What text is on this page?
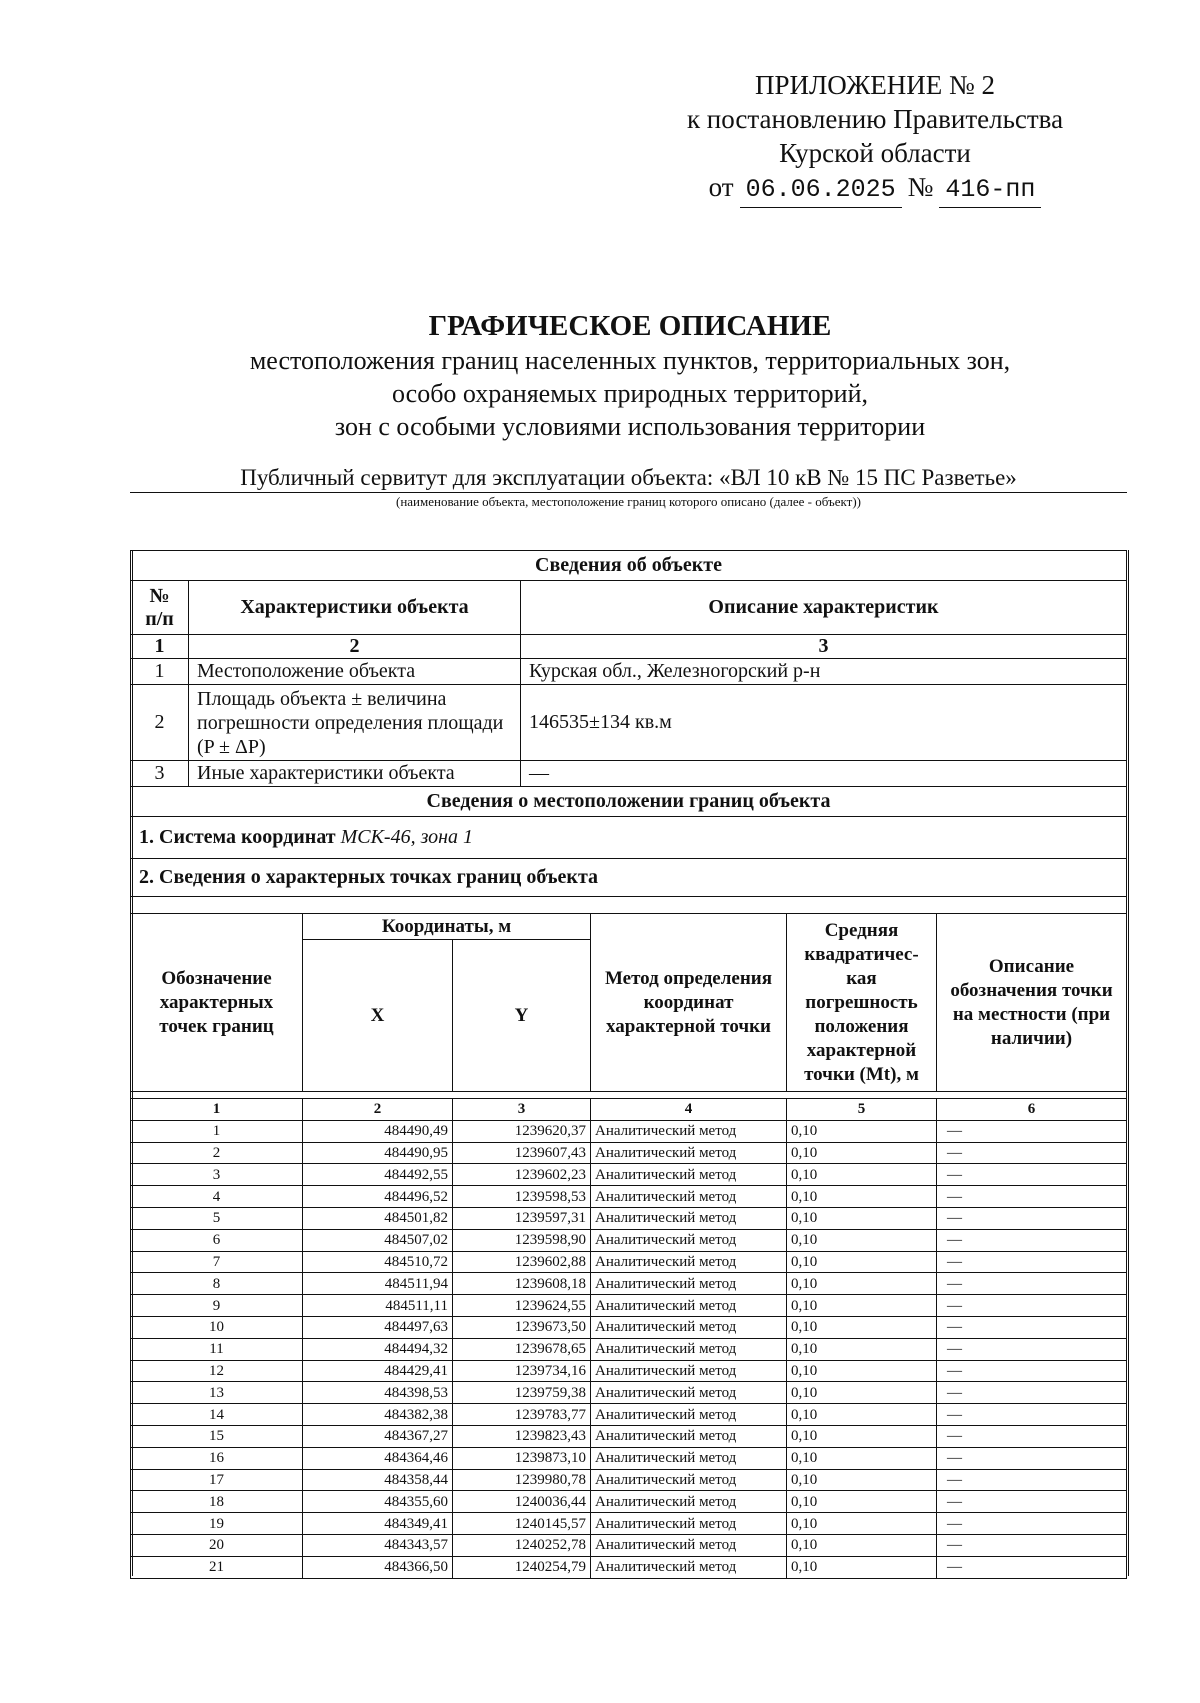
ПРИЛОЖЕНИЕ № 2
к постановлению Правительства
Курской области
от 06.06.2025 № 416-пп
ГРАФИЧЕСКОЕ ОПИСАНИЕ
местоположения границ населенных пунктов, территориальных зон,
особо охраняемых природных территорий,
зон с особыми условиями использования территории
Публичный сервитут для эксплуатации объекта: «ВЛ 10 кВ № 15 ПС Разветье»
(наименование объекта, местоположение границ которого описано (далее - объект))
Сведения об объекте		
№ п/п	Характеристики объекта	Описание характеристик
1	2	3
1	Местоположение объекта	Курская обл., Железногорский р-н
2	Площадь объекта ± величина погрешности определения площади (P ± ΔP)	146535±134 кв.м
3	Иные характеристики объекта	—
Сведения о местоположении границ объекта		
1. Система координат МСК-46, зона 1		
2. Сведения о характерных точках границ объекта		
Обозначение характерных точек границ	Координаты, м		Метод определения координат характерной точки	Средняя квадратичес-кая погрешность положения характерной точки (Mt), м	Описание обозначения точки на местности (при наличии)
	X	Y			
1	2	3	4	5	6
1	484490,49	1239620,37	Аналитический метод	0,10	—
2	484490,95	1239607,43	Аналитический метод	0,10	—
3	484492,55	1239602,23	Аналитический метод	0,10	—
4	484496,52	1239598,53	Аналитический метод	0,10	—
5	484501,82	1239597,31	Аналитический метод	0,10	—
6	484507,02	1239598,90	Аналитический метод	0,10	—
7	484510,72	1239602,88	Аналитический метод	0,10	—
8	484511,94	1239608,18	Аналитический метод	0,10	—
9	484511,11	1239624,55	Аналитический метод	0,10	—
10	484497,63	1239673,50	Аналитический метод	0,10	—
11	484494,32	1239678,65	Аналитический метод	0,10	—
12	484429,41	1239734,16	Аналитический метод	0,10	—
13	484398,53	1239759,38	Аналитический метод	0,10	—
14	484382,38	1239783,77	Аналитический метод	0,10	—
15	484367,27	1239823,43	Аналитический метод	0,10	—
16	484364,46	1239873,10	Аналитический метод	0,10	—
17	484358,44	1239980,78	Аналитический метод	0,10	—
18	484355,60	1240036,44	Аналитический метод	0,10	—
19	484349,41	1240145,57	Аналитический метод	0,10	—
20	484343,57	1240252,78	Аналитический метод	0,10	—
21	484366,50	1240254,79	Аналитический метод	0,10	—
